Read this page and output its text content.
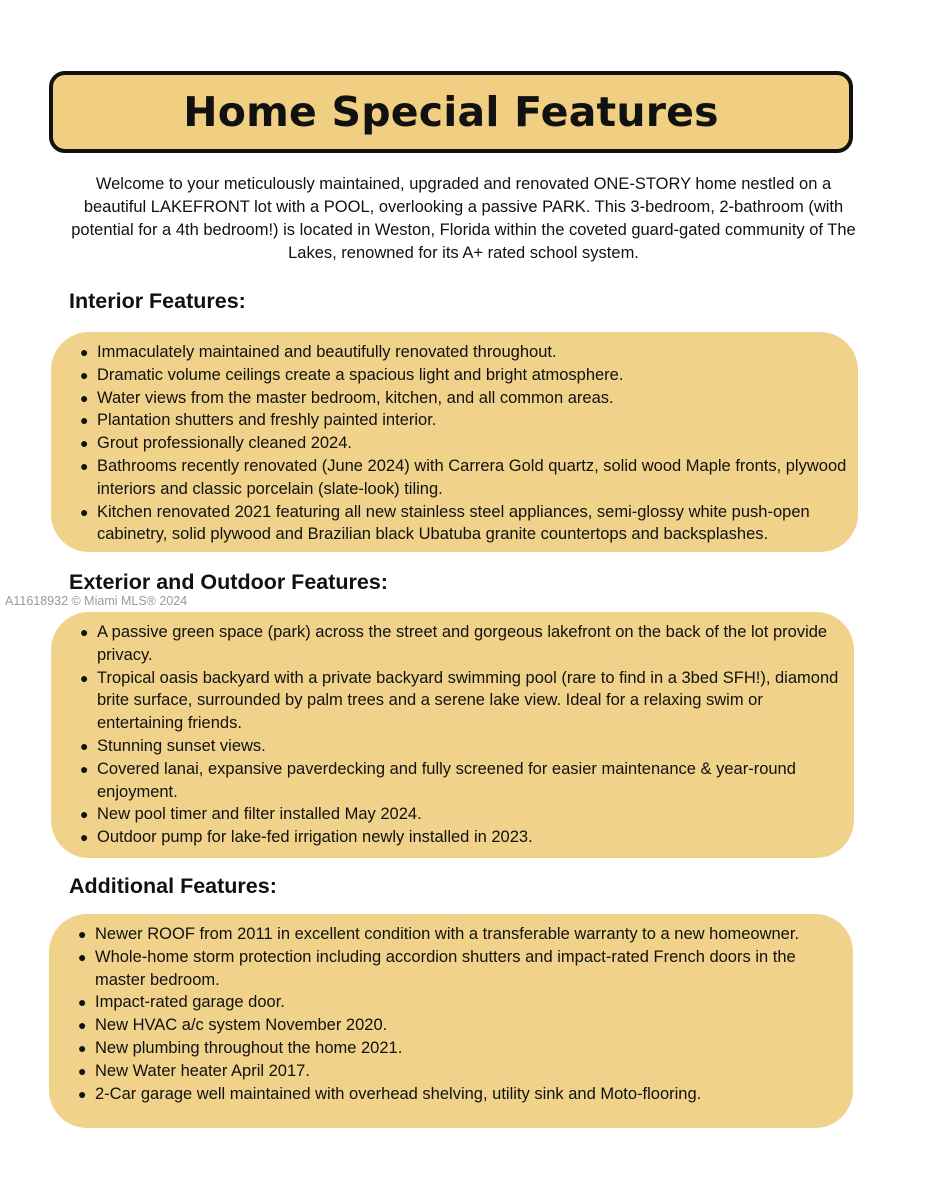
Home Special Features

Welcome to your meticulously maintained, upgraded and renovated ONE-STORY home nestled on a beautiful LAKEFRONT lot with a POOL, overlooking a passive PARK. This 3-bedroom, 2-bathroom (with potential for a 4th bedroom!) is located in Weston, Florida within the coveted guard-gated community of The Lakes, renowned for its A+ rated school system.

Interior Features:
● Immaculately maintained and beautifully renovated throughout.
● Dramatic volume ceilings create a spacious light and bright atmosphere.
● Water views from the master bedroom, kitchen, and all common areas.
● Plantation shutters and freshly painted interior.
● Grout professionally cleaned 2024.
● Bathrooms recently renovated (June 2024) with Carrera Gold quartz, solid wood Maple fronts, plywood interiors and classic porcelain (slate-look) tiling.
● Kitchen renovated 2021 featuring all new stainless steel appliances, semi-glossy white push-open cabinetry, solid plywood and Brazilian black Ubatuba granite countertops and backsplashes.
Exterior and Outdoor Features:
A11618932 © Miami MLS® 2024
● A passive green space (park) across the street and gorgeous lakefront on the back of the lot provide privacy.
● Tropical oasis backyard with a private backyard swimming pool (rare to find in a 3bed SFH!), diamond brite surface, surrounded by palm trees and a serene lake view. Ideal for a relaxing swim or entertaining friends.
● Stunning sunset views.
● Covered lanai, expansive paverdecking and fully screened for easier maintenance & year-round enjoyment.
● New pool timer and filter installed May 2024.
● Outdoor pump for lake-fed irrigation newly installed in 2023.
Additional Features:
● Newer ROOF from 2011 in excellent condition with a transferable warranty to a new homeowner.
● Whole-home storm protection including accordion shutters and impact-rated French doors in the master bedroom.
● Impact-rated garage door.
● New HVAC a/c system November 2020.
● New plumbing throughout the home 2021.
● New Water heater April 2017.
● 2-Car garage well maintained with overhead shelving, utility sink and Moto-flooring.
